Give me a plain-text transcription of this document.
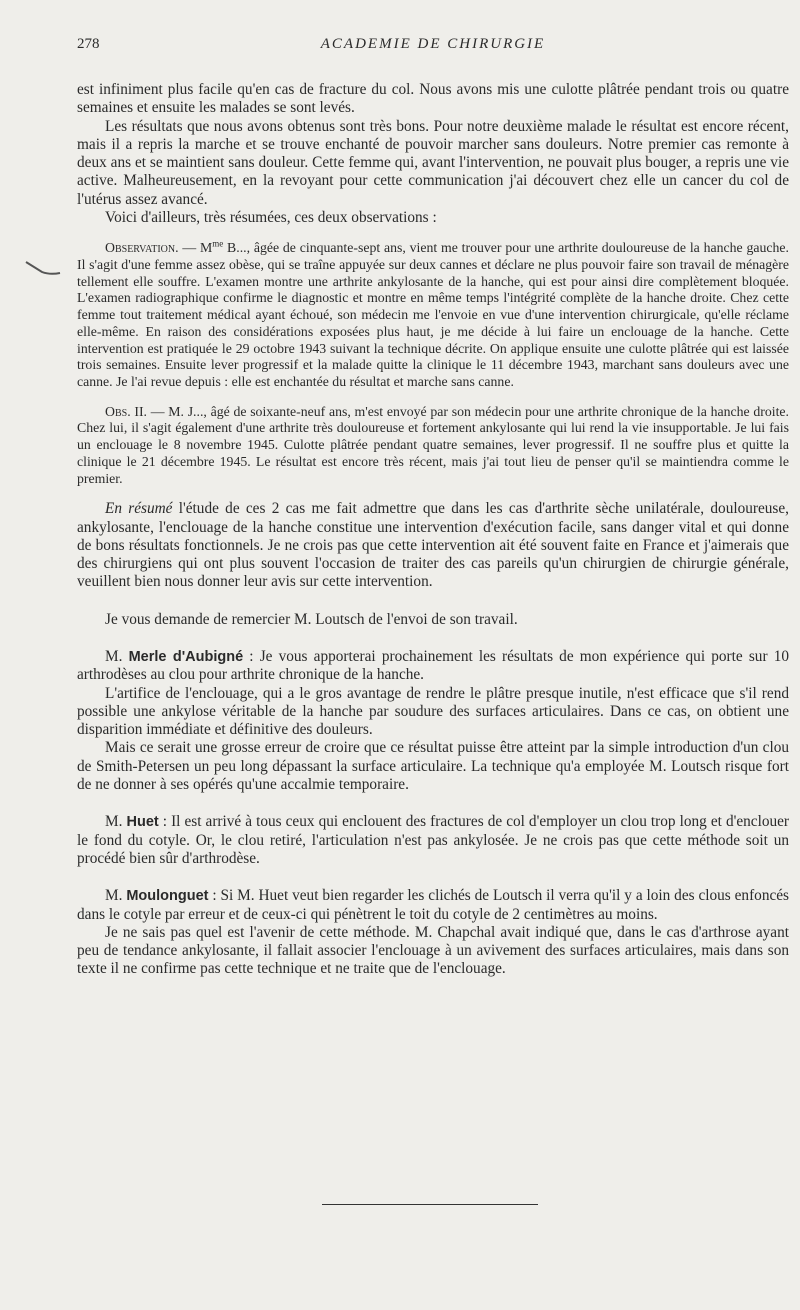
278	ACADEMIE DE CHIRURGIE

est infiniment plus facile qu'en cas de fracture du col. Nous avons mis une culotte plâtrée pendant trois ou quatre semaines et ensuite les malades se sont levés.

Les résultats que nous avons obtenus sont très bons. Pour notre deuxième malade le résultat est encore récent, mais il a repris la marche et se trouve enchanté de pouvoir marcher sans douleurs. Notre premier cas remonte à deux ans et se maintient sans douleur. Cette femme qui, avant l'intervention, ne pouvait plus bouger, a repris une vie active. Malheureusement, en la revoyant pour cette communication j'ai découvert chez elle un cancer du col de l'utérus assez avancé.

Voici d'ailleurs, très résumées, ces deux observations :

Observation. — $M^{me}$ B..., âgée de cinquante-sept ans, vient me trouver pour une arthrite douloureuse de la hanche gauche. Il s'agit d'une femme assez obèse, qui se traîne appuyée sur deux cannes et déclare ne plus pouvoir faire son travail de ménagère tellement elle souffre. L'examen montre une arthrite ankylosante de la hanche, qui est pour ainsi dire complètement bloquée. L'examen radiographique confirme le diagnostic et montre en même temps l'intégrité complète de la hanche droite. Chez cette femme tout traitement médical ayant échoué, son médecin me l'envoie en vue d'une intervention chirurgicale, qu'elle réclame elle-même. En raison des considérations exposées plus haut, je me décide à lui faire un enclouage de la hanche. Cette intervention est pratiquée le 29 octobre 1943 suivant la technique décrite. On applique ensuite une culotte plâtrée qui est laissée trois semaines. Ensuite lever progressif et la malade quitte la clinique le 11 décembre 1943, marchant sans douleurs avec une canne. Je l'ai revue depuis : elle est enchantée du résultat et marche sans canne.

Obs. II. — M. J..., âgé de soixante-neuf ans, m'est envoyé par son médecin pour une arthrite chronique de la hanche droite. Chez lui, il s'agit également d'une arthrite très douloureuse et fortement ankylosante qui lui rend la vie insupportable. Je lui fais un enclouage le 8 novembre 1945. Culotte plâtrée pendant quatre semaines, lever progressif. Il ne souffre plus et quitte la clinique le 21 décembre 1945. Le résultat est encore très récent, mais j'ai tout lieu de penser qu'il se maintiendra comme le premier.

En résumé l'étude de ces 2 cas me fait admettre que dans les cas d'arthrite sèche unilatérale, douloureuse, ankylosante, l'enclouage de la hanche constitue une intervention d'exécution facile, sans danger vital et qui donne de bons résultats fonctionnels. Je ne crois pas que cette intervention ait été souvent faite en France et j'aimerais que des chirurgiens qui ont plus souvent l'occasion de traiter des cas pareils qu'un chirurgien de chirurgie générale, veuillent bien nous donner leur avis sur cette intervention.

Je vous demande de remercier M. Loutsch de l'envoi de son travail.

M. Merle d'Aubigné : Je vous apporterai prochainement les résultats de mon expérience qui porte sur 10 arthrodèses au clou pour arthrite chronique de la hanche.

L'artifice de l'enclouage, qui a le gros avantage de rendre le plâtre presque inutile, n'est efficace que s'il rend possible une ankylose véritable de la hanche par soudure des surfaces articulaires. Dans ce cas, on obtient une disparition immédiate et définitive des douleurs.

Mais ce serait une grosse erreur de croire que ce résultat puisse être atteint par la simple introduction d'un clou de Smith-Petersen un peu long dépassant la surface articulaire. La technique qu'a employée M. Loutsch risque fort de ne donner à ses opérés qu'une accalmie temporaire.

M. Huet : Il est arrivé à tous ceux qui enclouent des fractures de col d'employer un clou trop long et d'enclouer le fond du cotyle. Or, le clou retiré, l'articulation n'est pas ankylosée. Je ne crois pas que cette méthode soit un procédé bien sûr d'arthrodèse.

M. Moulonguet : Si M. Huet veut bien regarder les clichés de Loutsch il verra qu'il y a loin des clous enfoncés dans le cotyle par erreur et de ceux-ci qui pénètrent le toit du cotyle de 2 centimètres au moins.

Je ne sais pas quel est l'avenir de cette méthode. M. Chapchal avait indiqué que, dans le cas d'arthrose ayant peu de tendance ankylosante, il fallait associer l'enclouage à un avivement des surfaces articulaires, mais dans son texte il ne confirme pas cette technique et ne traite que de l'enclouage.
